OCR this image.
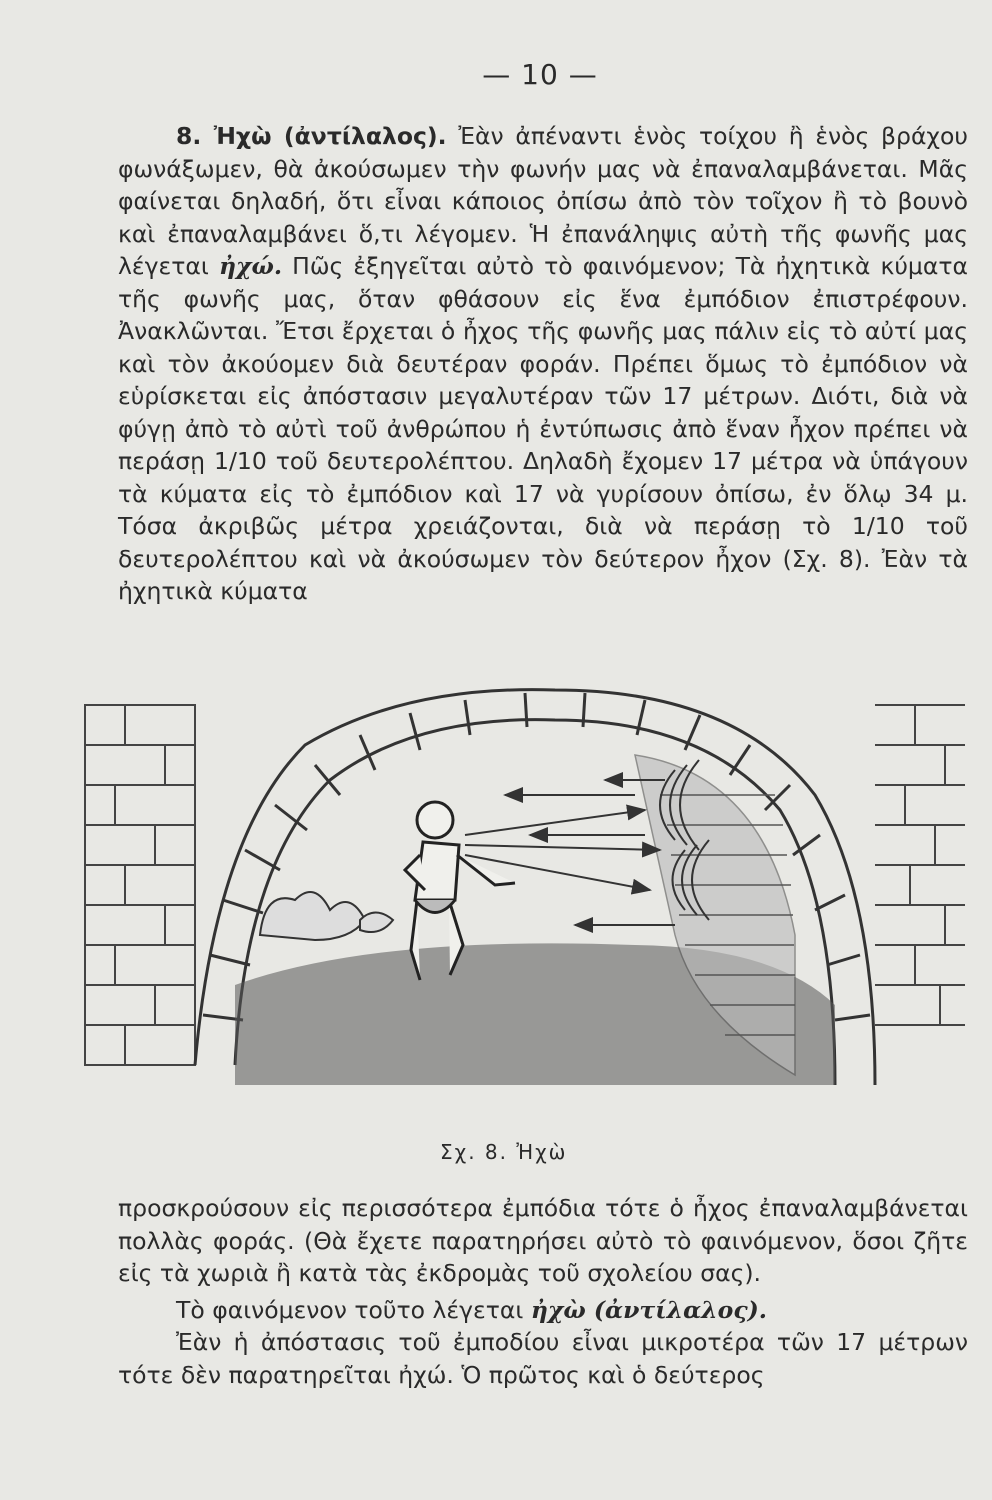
— 10 —

8. Ἠχὼ (ἀντίλαλος). Ἐὰν ἀπέναντι ἑνὸς τοίχου ἢ ἑνὸς βράχου φωνάξωμεν, θὰ ἀκούσωμεν τὴν φωνήν μας νὰ ἐπαναλαμβάνεται. Μᾶς φαίνεται δηλαδή, ὅτι εἶναι κάποιος ὀπίσω ἀπὸ τὸν τοῖχον ἢ τὸ βουνὸ καὶ ἐπαναλαμβάνει ὅ,τι λέγομεν. Ἡ ἐπανάληψις αὐτὴ τῆς φωνῆς μας λέγεται ἠχώ. Πῶς ἐξηγεῖται αὐτὸ τὸ φαινόμενον; Τὰ ἠχητικὰ κύματα τῆς φωνῆς μας, ὅταν φθάσουν εἰς ἕνα ἐμπόδιον ἐπιστρέφουν. Ἀνακλῶνται. Ἔτσι ἔρχεται ὁ ἦχος τῆς φωνῆς μας πάλιν εἰς τὸ αὐτί μας καὶ τὸν ἀκούομεν διὰ δευτέραν φοράν. Πρέπει ὅμως τὸ ἐμπόδιον νὰ εὑρίσκεται εἰς ἀπόστασιν μεγαλυτέραν τῶν 17 μέτρων. Διότι, διὰ νὰ φύγῃ ἀπὸ τὸ αὐτὶ τοῦ ἀνθρώπου ἡ ἐντύπωσις ἀπὸ ἕναν ἦχον πρέπει νὰ περάσῃ 1/10 τοῦ δευτερολέπτου. Δηλαδὴ ἔχομεν 17 μέτρα νὰ ὑπάγουν τὰ κύματα εἰς τὸ ἐμπόδιον καὶ 17 νὰ γυρίσουν ὀπίσω, ἐν ὅλῳ 34 μ. Τόσα ἀκριβῶς μέτρα χρειάζονται, διὰ νὰ περάσῃ τὸ 1/10 τοῦ δευτερολέπτου καὶ νὰ ἀκούσωμεν τὸν δεύτερον ἦχον (Σχ. 8). Ἐὰν τὰ ἠχητικὰ κύματα

Σχ. 8. Ἠχὼ

προσκρούσουν εἰς περισσότερα ἐμπόδια τότε ὁ ἦχος ἐπαναλαμβάνεται πολλὰς φοράς. (Θὰ ἔχετε παρατηρήσει αὐτὸ τὸ φαινόμενον, ὅσοι ζῆτε εἰς τὰ χωριὰ ἢ κατὰ τὰς ἐκδρομὰς τοῦ σχολείου σας).

Τὸ φαινόμενον τοῦτο λέγεται ἠχὼ (ἀντίλαλος).

Ἐὰν ἡ ἀπόστασις τοῦ ἐμποδίου εἶναι μικροτέρα τῶν 17 μέτρων τότε δὲν παρατηρεῖται ἠχώ. Ὁ πρῶτος καὶ ὁ δεύτερος
